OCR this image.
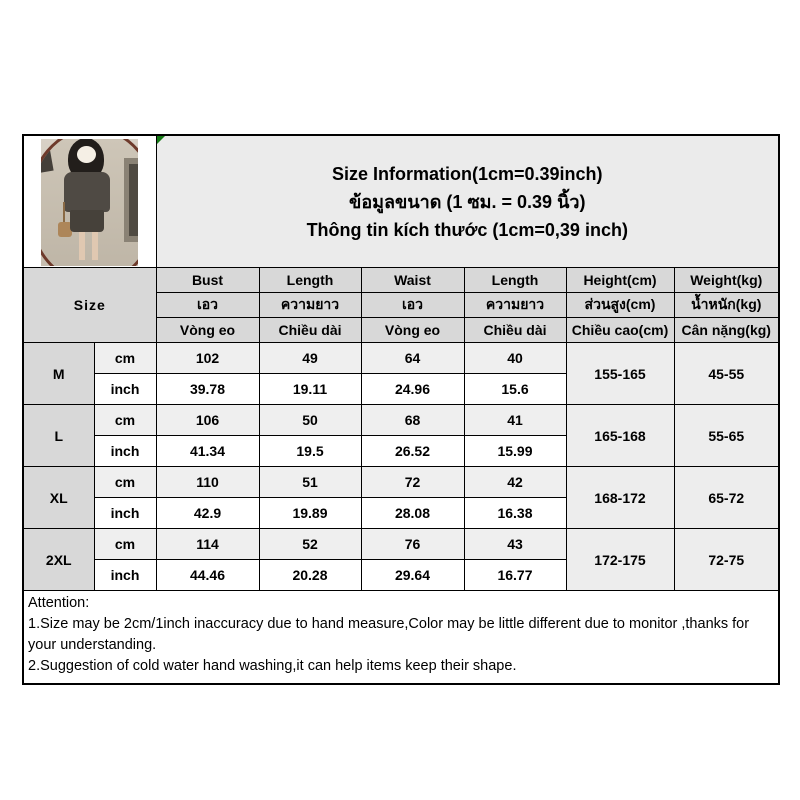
		Size Information(1cm=0.39inch)
ข้อมูลขนาด (1 ซม. = 0.39 นิ้ว)
Thông tin kích thước (1cm=0,39 inch)					

Size		Bust	Length	Waist	Length	Height(cm)	Weight(kg)
		เอว	ความยาว	เอว	ความยาว	ส่วนสูง(cm)	น้ำหนัก(kg)
		Vòng eo	Chiều dài	Vòng eo	Chiều dài	Chiều cao(cm)	Cân nặng(kg)
M	cm	102	49	64	40	155-165	45-55
	inch	39.78	19.11	24.96	15.6		
L	cm	106	50	68	41	165-168	55-65
	inch	41.34	19.5	26.52	15.99		
XL	cm	110	51	72	42	168-172	65-72
	inch	42.9	19.89	28.08	16.38		
2XL	cm	114	52	76	43	172-175	72-75
	inch	44.46	20.28	29.64	16.77		

Attention:
1.Size may be 2cm/1inch inaccuracy due to hand measure,Color may be little different due to monitor ,thanks for your understanding.
2.Suggestion of cold water hand washing,it can help items keep their shape.							
